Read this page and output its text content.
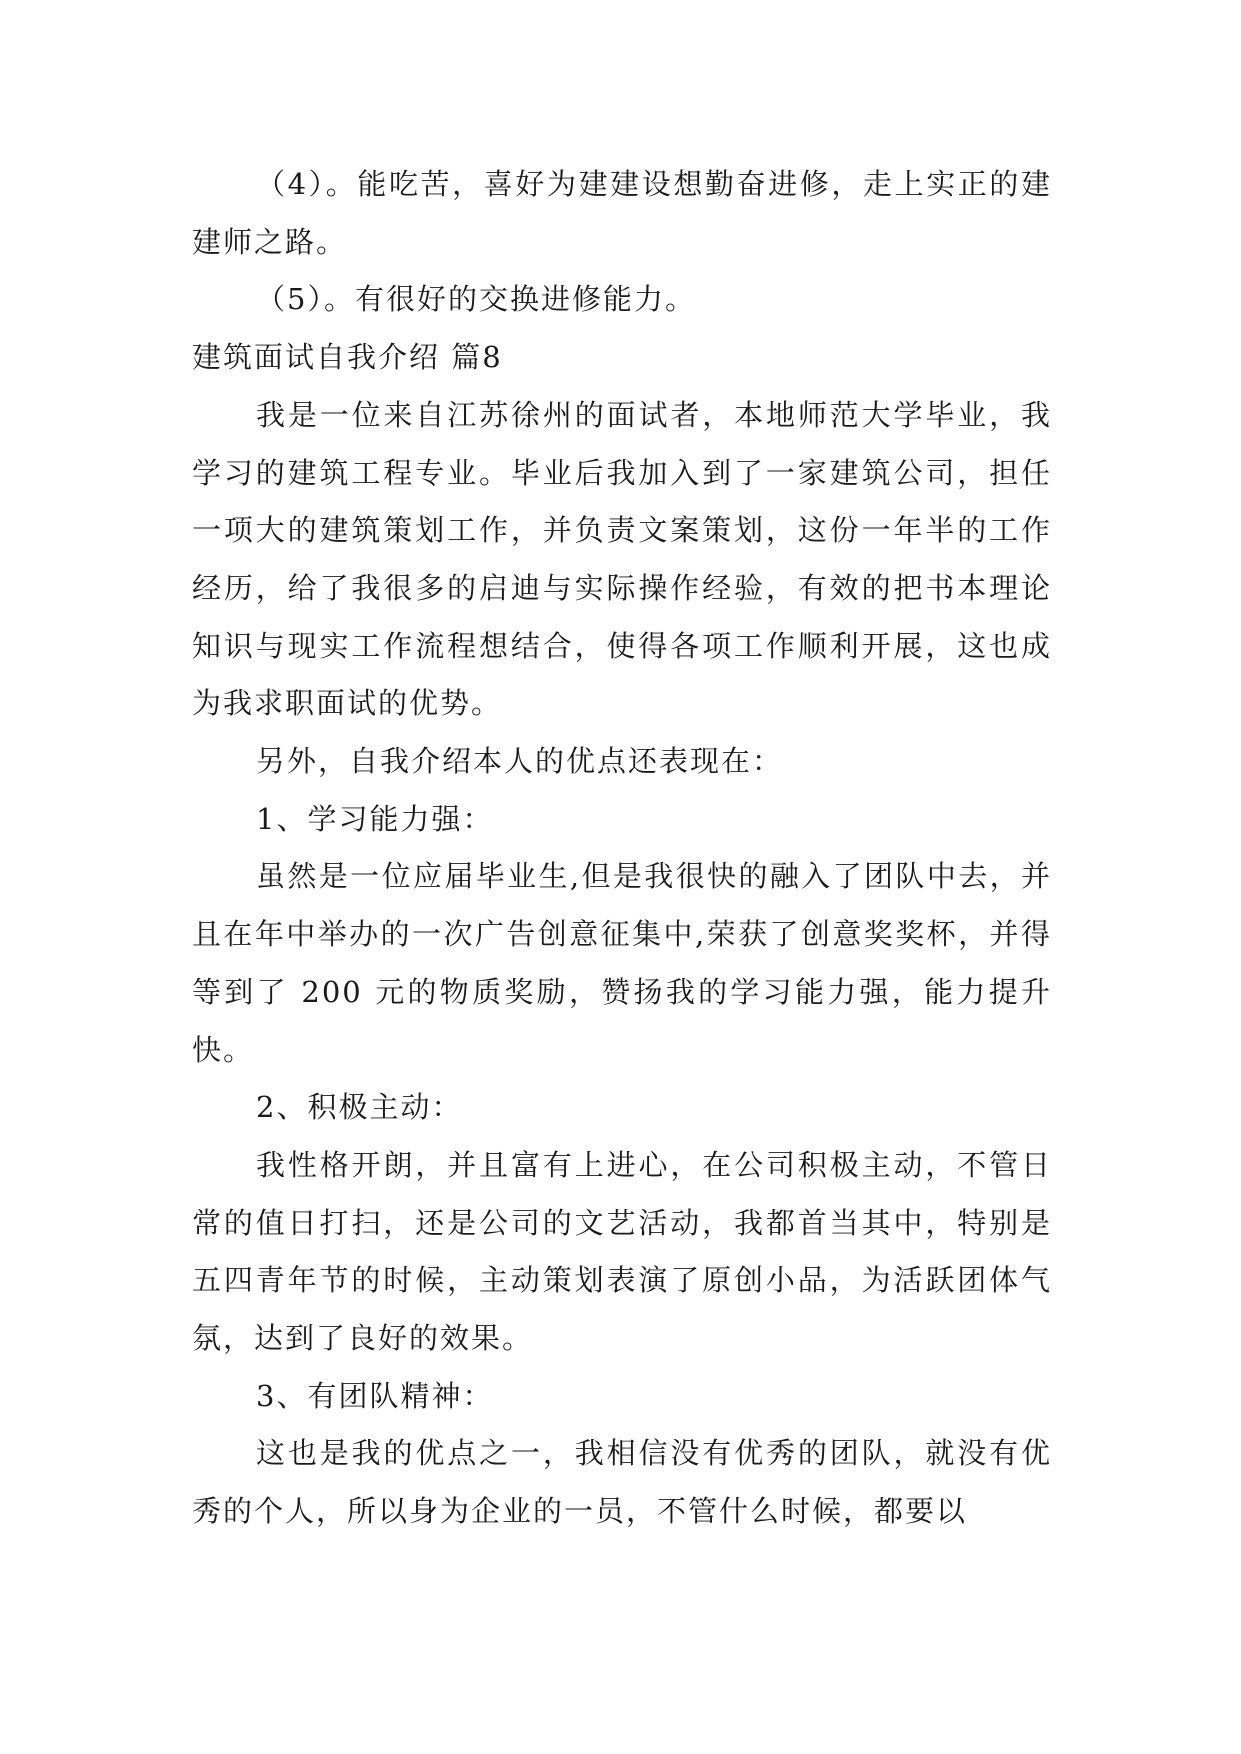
（4）。能吃苦，喜好为建建设想勤奋进修，走上实正的建建师之路。

（5）。有很好的交换进修能力。

建筑面试自我介绍 篇8

我是一位来自江苏徐州的面试者，本地师范大学毕业，我学习的建筑工程专业。毕业后我加入到了一家建筑公司，担任一项大的建筑策划工作，并负责文案策划，这份一年半的工作经历，给了我很多的启迪与实际操作经验，有效的把书本理论知识与现实工作流程想结合，使得各项工作顺利开展，这也成为我求职面试的优势。

另外，自我介绍本人的优点还表现在：

1、学习能力强：

虽然是一位应届毕业生,但是我很快的融入了团队中去，并且在年中举办的一次广告创意征集中,荣获了创意奖奖杯，并得等到了 200 元的物质奖励，赞扬我的学习能力强，能力提升快。

2、积极主动：

我性格开朗，并且富有上进心，在公司积极主动，不管日常的值日打扫，还是公司的文艺活动，我都首当其中，特别是五四青年节的时候，主动策划表演了原创小品，为活跃团体气氛，达到了良好的效果。

3、有团队精神：

这也是我的优点之一，我相信没有优秀的团队，就没有优秀的个人，所以身为企业的一员，不管什么时候，都要以
